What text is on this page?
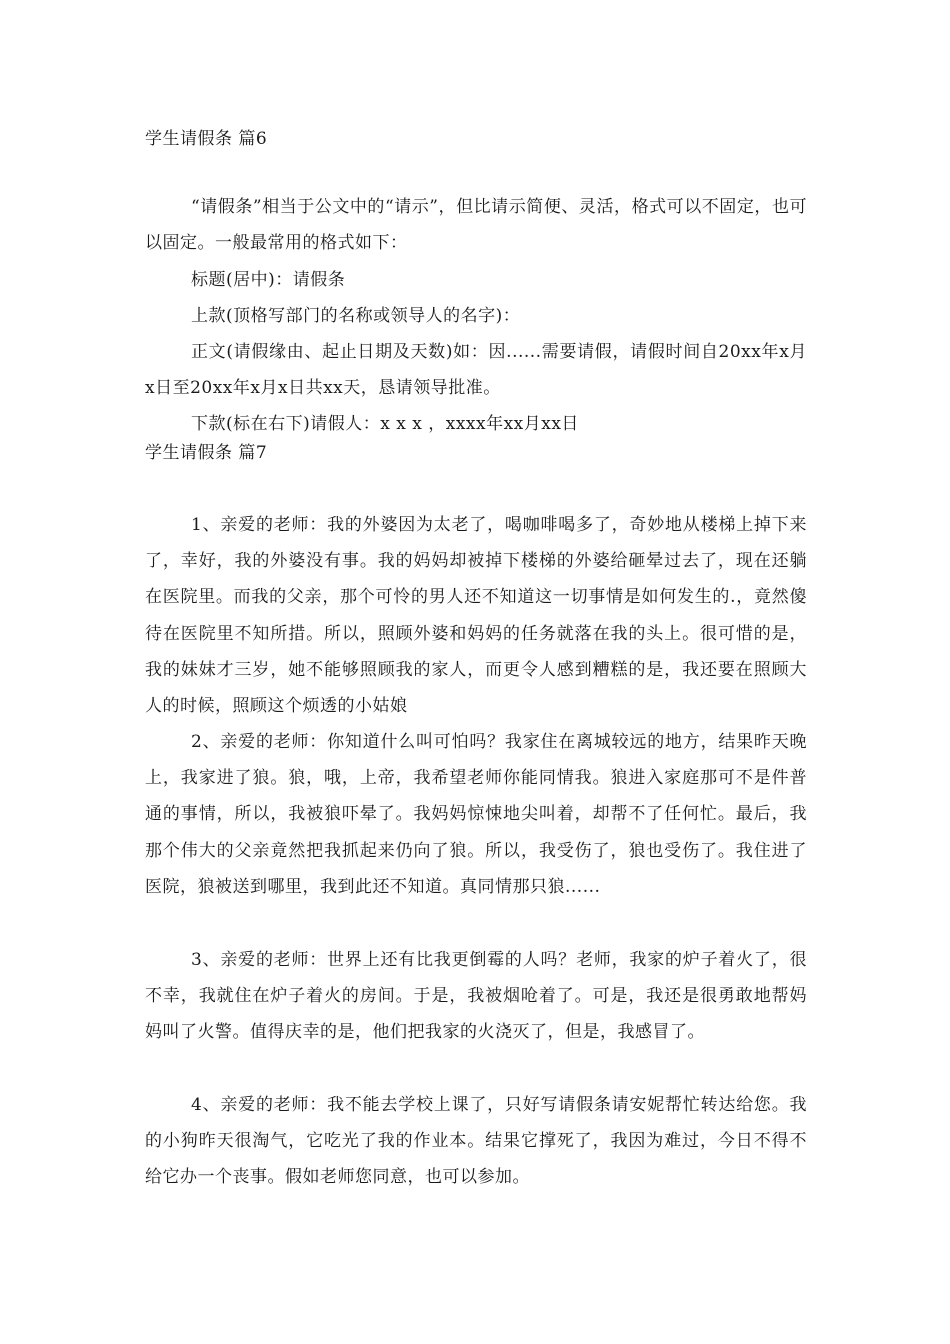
学生请假条 篇6

“请假条”相当于公文中的“请示”，但比请示简便、灵活，格式可以不固定，也可以固定。一般最常用的格式如下：

标题(居中)：请假条
上款(顶格写部门的名称或领导人的名字)：

正文(请假缘由、起止日期及天数)如：因......需要请假，请假时间自20xx年x月x日至20xx年x月x日共xx天，恳请领导批准。

下款(标在右下)请假人：x x x ，xxxx年xx月xx日
学生请假条 篇7

1、亲爱的老师：我的外婆因为太老了，喝咖啡喝多了，奇妙地从楼梯上掉下来了，幸好，我的外婆没有事。我的妈妈却被掉下楼梯的外婆给砸晕过去了，现在还躺在医院里。而我的父亲，那个可怜的男人还不知道这一切事情是如何发生的.，竟然傻待在医院里不知所措。所以，照顾外婆和妈妈的任务就落在我的头上。很可惜的是，我的妹妹才三岁，她不能够照顾我的家人，而更令人感到糟糕的是，我还要在照顾大人的时候，照顾这个烦透的小姑娘

2、亲爱的老师：你知道什么叫可怕吗？我家住在离城较远的地方，结果昨天晚上，我家进了狼。狼，哦，上帝，我希望老师你能同情我。狼进入家庭那可不是件普通的事情，所以，我被狼吓晕了。我妈妈惊悚地尖叫着，却帮不了任何忙。最后，我那个伟大的父亲竟然把我抓起来仍向了狼。所以，我受伤了，狼也受伤了。我住进了医院，狼被送到哪里，我到此还不知道。真同情那只狼......

3、亲爱的老师：世界上还有比我更倒霉的人吗？老师，我家的炉子着火了，很不幸，我就住在炉子着火的房间。于是，我被烟呛着了。可是，我还是很勇敢地帮妈妈叫了火警。值得庆幸的是，他们把我家的火浇灭了，但是，我感冒了。

4、亲爱的老师：我不能去学校上课了，只好写请假条请安妮帮忙转达给您。我的小狗昨天很淘气，它吃光了我的作业本。结果它撑死了，我因为难过，今日不得不给它办一个丧事。假如老师您同意，也可以参加。
